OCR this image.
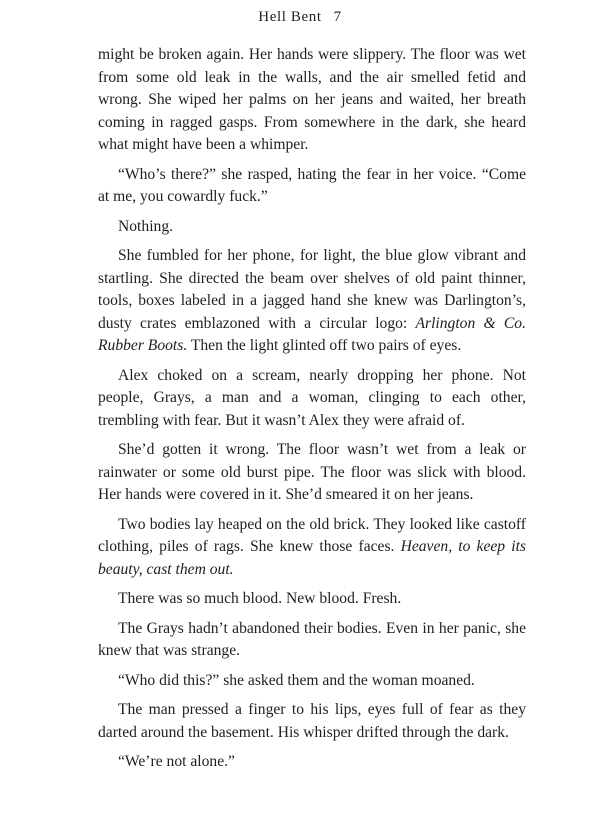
Hell Bent 7

might be broken again. Her hands were slippery. The floor was wet from some old leak in the walls, and the air smelled fetid and wrong. She wiped her palms on her jeans and waited, her breath coming in ragged gasps. From somewhere in the dark, she heard what might have been a whimper.

“Who’s there?” she rasped, hating the fear in her voice. “Come at me, you cowardly fuck.”

Nothing.

She fumbled for her phone, for light, the blue glow vibrant and startling. She directed the beam over shelves of old paint thinner, tools, boxes labeled in a jagged hand she knew was Darlington’s, dusty crates emblazoned with a circular logo: Arlington & Co. Rubber Boots. Then the light glinted off two pairs of eyes.

Alex choked on a scream, nearly dropping her phone. Not people, Grays, a man and a woman, clinging to each other, trembling with fear. But it wasn’t Alex they were afraid of.

She’d gotten it wrong. The floor wasn’t wet from a leak or rainwater or some old burst pipe. The floor was slick with blood. Her hands were covered in it. She’d smeared it on her jeans.

Two bodies lay heaped on the old brick. They looked like castoff clothing, piles of rags. She knew those faces. Heaven, to keep its beauty, cast them out.

There was so much blood. New blood. Fresh.

The Grays hadn’t abandoned their bodies. Even in her panic, she knew that was strange.

“Who did this?” she asked them and the woman moaned.

The man pressed a finger to his lips, eyes full of fear as they darted around the basement. His whisper drifted through the dark.

“We’re not alone.”
